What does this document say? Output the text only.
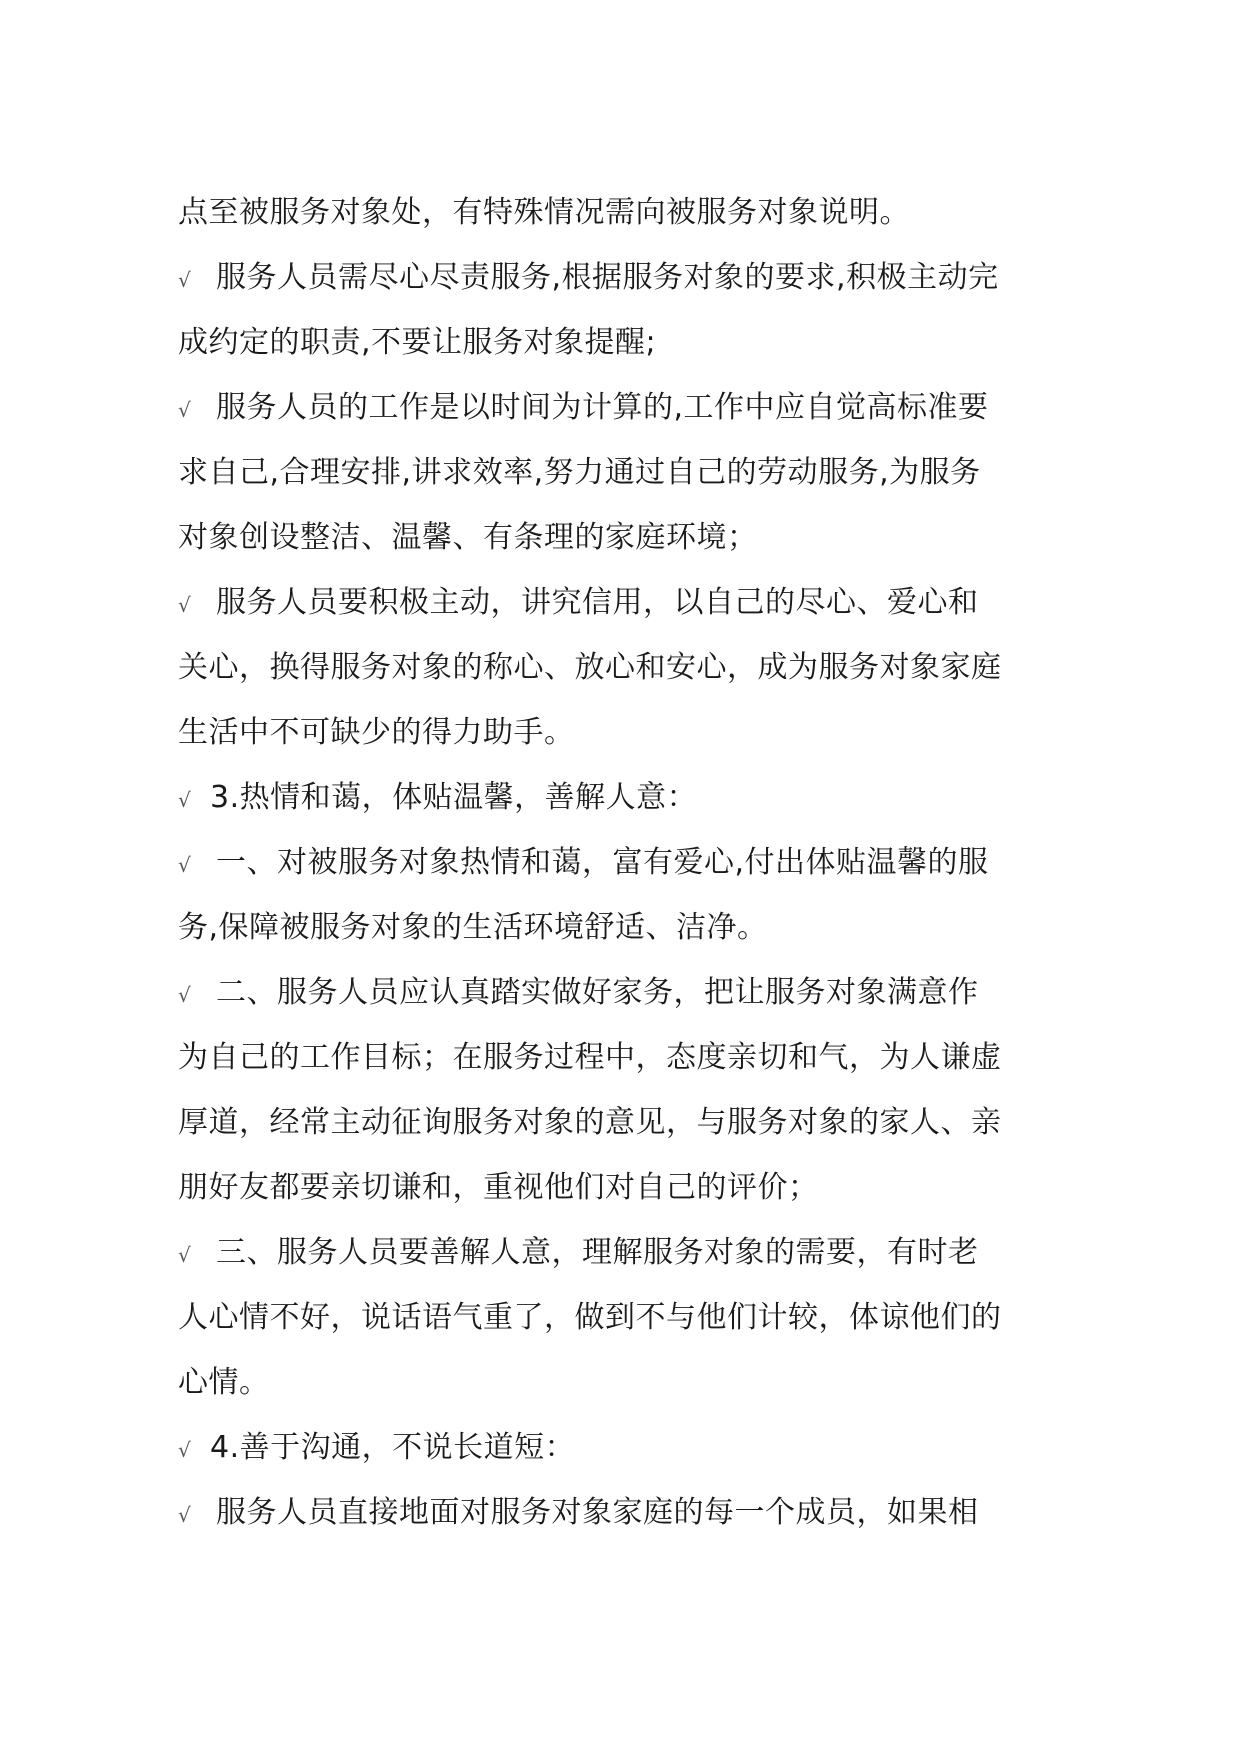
点至被服务对象处，有特殊情况需向被服务对象说明。
√ 服务人员需尽心尽责服务,根据服务对象的要求,积极主动完
成约定的职责,不要让服务对象提醒;
√ 服务人员的工作是以时间为计算的,工作中应自觉高标准要
求自己,合理安排,讲求效率,努力通过自己的劳动服务,为服务
对象创设整洁、温馨、有条理的家庭环境；
√ 服务人员要积极主动，讲究信用，以自己的尽心、爱心和
关心，换得服务对象的称心、放心和安心，成为服务对象家庭
生活中不可缺少的得力助手。
√ 3.热情和蔼，体贴温馨，善解人意：
√ 一、对被服务对象热情和蔼，富有爱心,付出体贴温馨的服
务,保障被服务对象的生活环境舒适、洁净。
√ 二、服务人员应认真踏实做好家务，把让服务对象满意作
为自己的工作目标；在服务过程中，态度亲切和气，为人谦虚
厚道，经常主动征询服务对象的意见，与服务对象的家人、亲
朋好友都要亲切谦和，重视他们对自己的评价；
√ 三、服务人员要善解人意，理解服务对象的需要，有时老
人心情不好，说话语气重了，做到不与他们计较，体谅他们的
心情。
√ 4.善于沟通，不说长道短：
√ 服务人员直接地面对服务对象家庭的每一个成员，如果相
